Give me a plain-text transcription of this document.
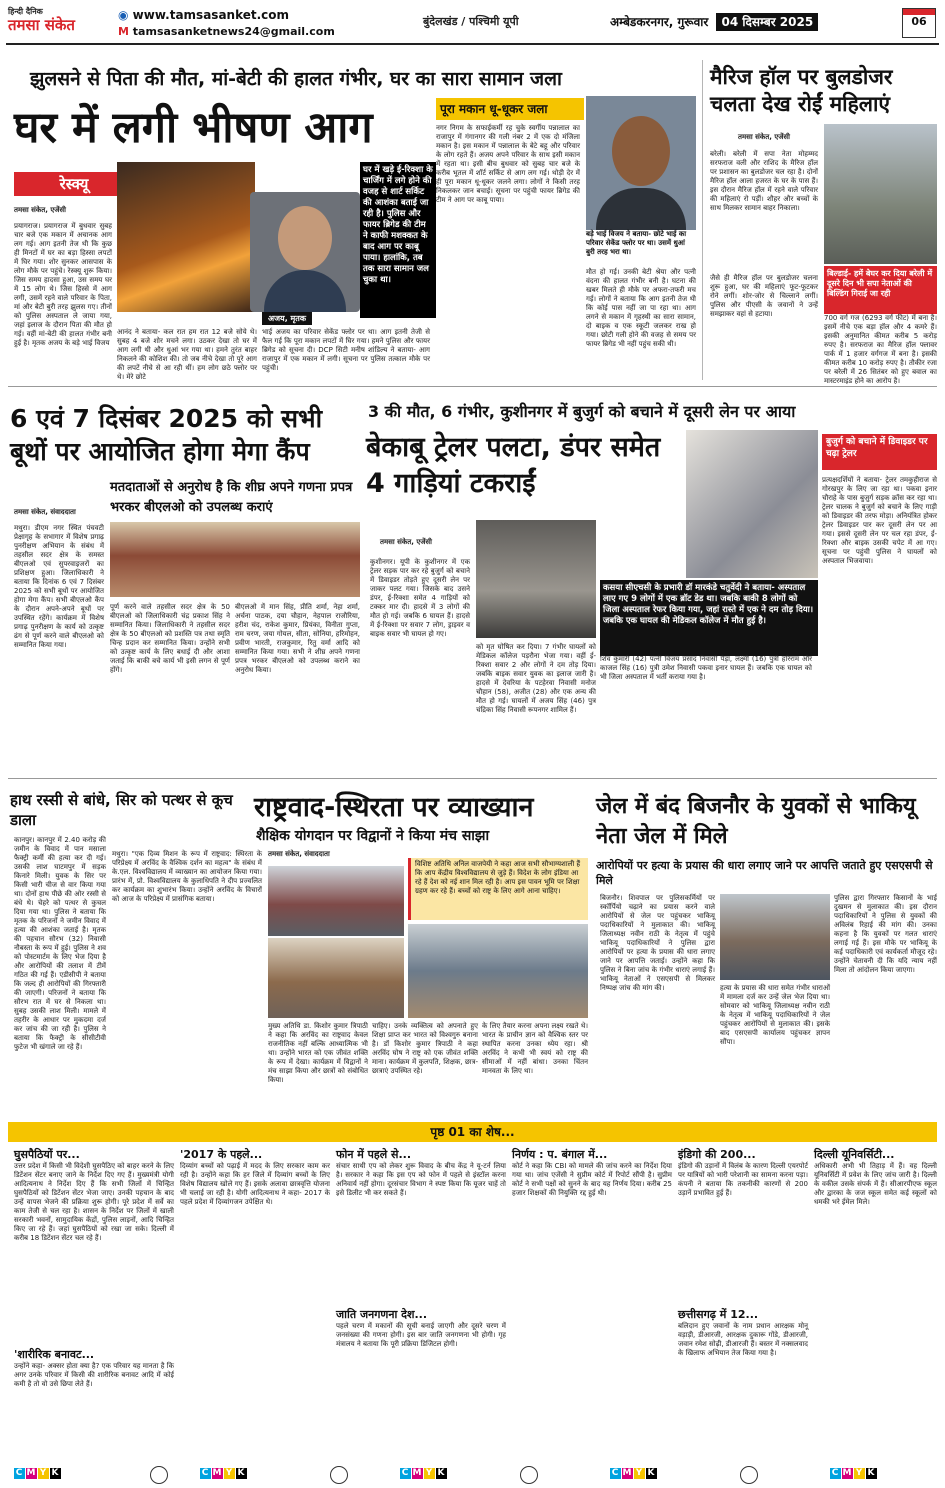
हिन्दी दैनिक
तमसा संकेत
◉ www.tamsasanket.com
M tamsasanketnews24@gmail.com
बुंदेलखंड / पश्चिमी यूपी	अम्बेडकरनगर, गुरूवार 04 दिसम्बर 2025	06
झुलसने से पिता की मौत, मां-बेटी की हालत गंभीर, घर का सारा सामान जला
घर में लगी भीषण आग
रेस्क्यू
तमसा संकेत, एजेंसी
प्रयागराज। प्रयागराज में बुधवार सुबह चार बजे एक मकान में अचानक आग लग गई। आग इतनी तेज थी कि कुछ ही मिनटों में घर का बड़ा हिस्सा लपटों में घिर गया। शोर सुनकर आसपास के लोग मौके पर पहुंचे। रेस्क्यू शुरू किया। जिस समय हादसा हुआ, उस समय घर में 15 लोग थे। जिस हिस्से में आग लगी, उसमें रहने वाले परिवार के पिता, मां और बेटी बुरी तरह झुलस गए। तीनों को पुलिस अस्पताल ले जाया गया, जहां इलाज के दौरान पिता की मौत हो गई। वहीं मां-बेटी की हालत गंभीर बनी हुई है। मृतक अजय के बड़े भाई विजय
घर में खड़े ई-रिक्शा के चार्जिंग में लगे होने की वजह से शार्ट सर्किट की आशंका बताई जा रही है। पुलिस और फायर ब्रिगेड की टीम ने काफी मशक्कत के बाद आग पर काबू पाया। हालांकि, तब तक सारा सामान जल चुका था।
अजय, मृतक
आनंद ने बताया- कल रात हम रात 12 बजे सोये थे। सुबह 4 बजे शोर मचने लगा। उठकर देखा तो घर में आग लगी थी और धुआं भर गया था। हमने तुरंत बाहर निकलने की कोशिश की। तो जब नीचे देखा तो पूरे आग की लपटें नीचे से आ रही थीं। हम लोग छठे फ्लोर पर थे। मेरे छोटे
भाई अजय का परिवार सेकेंड फ्लोर पर था। आग इतनी तेजी से फैल गई कि पूरा मकान लपटों में घिर गया। हमने पुलिस और फायर ब्रिगेड को सूचना दी। DCP सिटी मनीष शांडिल्य ने बताया- आग राजापुर में एक मकान में लगी। सूचना पर पुलिस तत्काल मौके पर पहुंची।
पूरा मकान धू-धूकर जला
नगर निगम के सफाईकर्मी रह चुके स्वर्गीय पन्नालाल का राजापुर में गंगानगर की गली नंबर 2 में एक दो मंजिला मकान है। इस मकान में पन्नालाल के बेटे बहू और परिवार के लोग रहते हैं। अजय अपने परिवार के साथ इसी मकान में रहता था। इसी बीच बुधवार को सुबह चार बजे के करीब भूतल में शॉर्ट सर्किट से आग लग गई। थोड़ी देर में ही पूरा मकान धू-धूकर जलने लगा। लोगों ने किसी तरह निकलकर जान बचाई। सूचना पर पहुंची फायर ब्रिगेड की टीम ने आग पर काबू पाया।
बड़े भाई विजय ने बताया- छोटे भाई का परिवार सेकेंड फ्लोर पर था। उसमें धुआं बुरी तरह भरा था।
मौत हो गई। उनकी बेटी श्रेया और पत्नी वंदना की हालत गंभीर बनी है। घटना की खबर मिलते ही मौके पर अफरा-तफरी मच गई। लोगों ने बताया कि आग इतनी तेज थी कि कोई पास नहीं जा पा रहा था। आग लगने से मकान में गृहस्थी का सारा सामान, दो बाइक व एक स्कूटी जलकर राख हो गया। छोटी गली होने की वजह से समय पर फायर ब्रिगेड भी नहीं पहुंच सकी थी।
मैरिज हॉल पर बुलडोजर चलता देख रोईं महिलाएं
तमसा संकेत, एजेंसी
बरेली। बरेली में सपा नेता मोहम्मद सरफराज वली और राशिद के मैरिज हॉल पर प्रशासन का बुलडोजर चल रहा है। दोनों मैरिज हॉल आला हजरत के घर के पास हैं। इस दौरान मैरिज हॉल में रहने वाले परिवार की महिलाएं रो पड़ीं। शौहर और बच्चों के साथ मिलकर सामान बाहर निकाला।
जैसे ही मैरिज हॉल पर बुलडोजर चलना शुरू हुआ, घर की महिलाएं फूट-फूटकर रोने लगीं। शोर-जोर से चिल्लाने लगीं। पुलिस और पीएसी के जवानों ने उन्हें समझाकर वहां से हटाया।
बिल्डाई- हमें बेघर कर दिया बरेली में दूसरे दिन भी सपा नेताओं की बिल्डिंग गिराई जा रही
700 वर्ग गज (6293 वर्ग फीट) में बना है। इसमें नीचे एक बड़ा हॉल और 4 कमरे हैं। इसकी अनुमानित कीमत करीब 5 करोड़ रुपए है। सरफराज का मैरिज हॉल फ्लावर पार्क में 1 हजार वर्गगज में बना है। इसकी कीमत करीब 10 करोड़ रुपए है। तौकीर रजा पर बरेली में 26 सितंबर को हुए बवाल का मास्टरमाइंड होने का आरोप है।
6 एवं 7 दिसंबर 2025 को सभी बूथों पर आयोजित होगा मेगा कैंप
मतदाताओं से अनुरोध है कि शीघ्र अपने गणना प्रपत्र भरकर बीएलओ को उपलब्ध कराएं
तमसा संकेत, संवाददाता
मथुरा। डीएम नगर स्थित पंचवटी प्रेक्षागृह के सभागार में विशेष प्रगाढ़ पुनरीक्षण अभियान के संबंध में तहसील सदर क्षेत्र के समस्त बीएलओ एवं सुपरवाइजरों का प्रशिक्षण हुआ। जिलाधिकारी ने बताया कि दिनांक 6 एवं 7 दिसंबर 2025 को सभी बूथों पर आयोजित होगा मेगा कैंप। सभी बीएलओ कैंप के दौरान अपने-अपने बूथों पर उपस्थित रहेंगे। कार्यक्रम में विशेष प्रगाढ़ पुनरीक्षण के कार्य को उत्कृष्ट ढंग से पूर्ण करने वाले बीएलओ को सम्मानित किया गया।
पूर्ण करने वाले तहसील सदर क्षेत्र के 50 बीएलओ को जिलाधिकारी चंद्र प्रकाश सिंह ने सम्मानित किया। जिलाधिकारी ने तहसील सदर क्षेत्र के 50 बीएलओ को प्रशस्ति पत्र तथा स्मृति चिन्ह प्रदान कर सम्मानित किया। उन्होंने सभी को उत्कृष्ट कार्य के लिए बधाई दी और आशा जताई कि बाकी बचे कार्य भी इसी लगन से पूर्ण होंगे।
बीएलओ में मान सिंह, प्रीति शर्मा, नेहा शर्मा, अर्चना पाठक, दया चौहान, नेहपाल राजौरिया, हरीश चंद, राकेश कुमार, प्रियंका, विनीता गुप्ता, राम चरण, जया गोयल, सीता, सोनिया, हरिमोहन, प्रवीण भारती, राजकुमार, रितु वर्मा आदि को सम्मानित किया गया। सभी ने शीघ्र अपने गणना प्रपत्र भरकर बीएलओ को उपलब्ध कराने का अनुरोध किया।
3 की मौत, 6 गंभीर, कुशीनगर में बुजुर्ग को बचाने में दूसरी लेन पर आया
बेकाबू ट्रेलर पलटा, डंपर समेत 4 गाड़ियां टकराईं
तमसा संकेत, एजेंसी
कसया सीएचसी के प्रभारी डॉ मारकंडे चतुर्वेदी ने बताया- अस्पताल लाए गए 9 लोगों में एक ब्रॉट डेड था। जबकि बाकी 8 लोगों को जिला अस्पताल रेफर किया गया, जहां रास्ते में एक ने दम तोड़ दिया। जबकि एक घायल की मेडिकल कॉलेज में मौत हुई है।
बुजुर्ग को बचाने में डिवाइडर पर चढ़ा ट्रेलर
कुशीनगर। यूपी के कुशीनगर में एक ट्रेलर सड़क पार कर रहे बुजुर्ग को बचाने में डिवाइडर तोड़ते हुए दूसरी लेन पर जाकर पलट गया। जिसके बाद उसने डंपर, ई-रिक्शा समेत 4 गाड़ियों को टक्कर मार दी। हादसे में 3 लोगों की मौत हो गई। जबकि 6 घायल हैं। हादसे में ई-रिक्शा पर सवार 7 लोग, ड्राइवर व बाइक सवार भी घायल हो गए।
को मृत घोषित कर दिया। 7 गंभीर घायलों को मेडिकल कॉलेज पड़रौना भेजा गया। वहीं ई-रिक्शा सवार 2 और लोगों ने दम तोड़ दिया। जबकि बाइक सवार युवक का इलाज जारी है। हादसे में देवरिया के पटहेरवा निवासी मनोज चौहान (58), अजीत (28) और एक अन्य की मौत हो गई। घायलों में अजय सिंह (46) पुत्र चंद्रिका सिंह निवासी रूपनगर शामिल हैं।
शिव कुमारी (42) पत्नी विजय प्रसाद निवासी पैड़ा, लक्ष्मी (16) पुत्री हरिराम और काजल सिंह (16) पुत्री उमेश निवासी पकवा इनार घायल हैं। जबकि एक घायल को भी जिला अस्पताल में भर्ती कराया गया है।
प्रत्यक्षदर्शियों ने बताया- ट्रेलर तमकुहीराज से गोरखपुर के लिए जा रहा था। पकवा इनार चौराहे के पास बुजुर्ग सड़क क्रॉस कर रहा था। ट्रेलर चालक ने बुजुर्ग को बचाने के लिए गाड़ी को डिवाइडर की तरफ मोड़ा। अनियंत्रित होकर ट्रेलर डिवाइडर पार कर दूसरी लेन पर आ गया। इससे दूसरी लेन पर चल रहा डंपर, ई-रिक्शा और बाइक उसकी चपेट में आ गए। सूचना पर पहुंची पुलिस ने घायलों को अस्पताल भिजवाया।
हाथ रस्सी से बांधे, सिर को पत्थर से कूच डाला
कानपुर। कानपुर में 2.40 करोड़ की जमीन के विवाद में पान मसाला फैक्ट्री कर्मी की हत्या कर दी गई। उसकी लाश घाटमपुर में सड़क किनारे मिली। युवक के सिर पर किसी भारी चीज से वार किया गया था। दोनों हाथ पीछे की ओर रस्सी से बंधे थे। चेहरे को पत्थर से कुचल दिया गया था। पुलिस ने बताया कि मृतक के परिजनों ने जमीन विवाद में हत्या की आशंका जताई है। मृतक की पहचान सौरभ (32) निवासी नौबस्ता के रूप में हुई। पुलिस ने शव को पोस्टमार्टम के लिए भेज दिया है और आरोपियों की तलाश में टीमें गठित की गई हैं। एडीसीपी ने बताया कि जल्द ही आरोपियों की गिरफ्तारी की जाएगी। परिजनों ने बताया कि सौरभ रात में घर से निकला था। सुबह उसकी लाश मिली। मामले में तहरीर के आधार पर मुकदमा दर्ज कर जांच की जा रही है। पुलिस ने बताया कि फैक्ट्री के सीसीटीवी फुटेज भी खंगाले जा रहे हैं।
राष्ट्रवाद-स्थिरता पर व्याख्यान
शैक्षिक योगदान पर विद्वानों ने किया मंच साझा
तमसा संकेत, संवाददाता
मथुरा। "एक दिव्य मिशन के रूप में राष्ट्रवाद: स्थिरता के परिप्रेक्ष्य में अरविंद के वैश्विक दर्शन का महत्व" के संबंध में के.एल. विश्वविद्यालय में व्याख्यान का आयोजन किया गया। प्रारंभ में, प्रो. विश्वविद्यालय के कुलाधिपति ने दीप प्रज्वलित कर कार्यक्रम का शुभारंभ किया। उन्होंने अरविंद के विचारों को आज के परिप्रेक्ष्य में प्रासंगिक बताया।
विशिष्ट अतिथि अनिल वाजपेयी ने कहा आज सभी सौभाग्यशाली हैं कि आप केंद्रीय विश्वविद्यालय से जुड़े हैं। विदेश के लोग इंडिया आ रहे हैं देश को नई शान मिल रही है। आप इस पावन भूमि पर शिक्षा ग्रहण कर रहे हैं। बच्चों को राष्ट्र के लिए आगे आना चाहिए।
मुख्य अतिथि डा. किशोर कुमार त्रिपाठी ने कहा कि अरविंद का राष्ट्रवाद केवल राजनीतिक नहीं बल्कि आध्यात्मिक भी था। उन्होंने भारत को एक जीवंत शक्ति के रूप में देखा। कार्यक्रम में विद्वानों ने मंच साझा किया और छात्रों को संबोधित किया।
चाहिए। उनके व्यक्तित्व को अपनाते हुए शिक्षा प्राप्त कर भारत को विश्वगुरु बनाना है। डॉ किशोर कुमार त्रिपाठी ने कहा अरविंद घोष ने राष्ट्र को एक जीवंत शक्ति माना। कार्यक्रम में कुलपति, शिक्षक, छात्र-छात्राएं उपस्थित रहे।
के लिए तैयार करना अपना लक्ष्य रखते थे। भारत के प्राचीन ज्ञान को वैश्विक स्तर पर स्थापित करना उनका ध्येय रहा। श्री अरविंद ने कभी भी स्वयं को राष्ट्र की सीमाओं में नहीं बांधा। उनका चिंतन मानवता के लिए था।
जेल में बंद बिजनौर के युवकों से भाकियू नेता जेल में मिले
आरोपियों पर हत्या के प्रयास की धारा लगाए जाने पर आपत्ति जताते हुए एसएसपी से मिले
बिजनौर। शिवपाल पर पुलिसकर्मियों पर स्कॉर्पियो चढ़ाने का प्रयास करने वाले आरोपियों से जेल पर पहुंचकर भाकियू पदाधिकारियों ने मुलाकात की। भाकियू जिलाध्यक्ष नवीन राठी के नेतृत्व में पहुंचे भाकियू पदाधिकारियों ने पुलिस द्वारा आरोपियों पर हत्या के प्रयास की धारा लगाए जाने पर आपत्ति जताई। उन्होंने कहा कि पुलिस ने बिना जांच के गंभीर धाराएं लगाई हैं। भाकियू नेताओं ने एसएसपी से मिलकर निष्पक्ष जांच की मांग की।	हत्या के प्रयास की धारा समेत गंभीर धाराओं में मामला दर्ज कर उन्हें जेल भेज दिया था। सोमवार को भाकियू जिलाध्यक्ष नवीन राठी के नेतृत्व में भाकियू पदाधिकारियों ने जेल पहुंचकर आरोपियों से मुलाकात की। इसके बाद एसएसपी कार्यालय पहुंचकर ज्ञापन सौंपा।
पुलिस द्वारा गिरफ्तार किसानों के भाई दुखमन से मुलाकात की। इस दौरान पदाधिकारियों ने पुलिस से युवकों की अविलंब रिहाई की मांग की। उनका कहना है कि युवकों पर गलत धाराएं लगाई गई हैं। इस मौके पर भाकियू के कई पदाधिकारी एवं कार्यकर्ता मौजूद रहे। उन्होंने चेतावनी दी कि यदि न्याय नहीं मिला तो आंदोलन किया जाएगा।
पृष्ठ 01 का शेष...
घुसपैठियों पर...
उत्तर प्रदेश में किसी भी विदेशी घुसपैठिए को बाहर करने के लिए डिटेंशन सेंटर बनाए जाने के निर्देश दिए गए हैं। मुख्यमंत्री योगी आदित्यनाथ ने निर्देश दिए हैं कि सभी जिलों में चिन्हित घुसपैठियों को डिटेंशन सेंटर भेजा जाए। उनकी पहचान के बाद उन्हें वापस भेजने की प्रक्रिया शुरू होगी। पूरे प्रदेश में सर्वे का काम तेजी से चल रहा है। शासन के निर्देश पर जिलों में खाली सरकारी भवनों, सामुदायिक केंद्रों, पुलिस लाइनों, आदि चिन्हित किए जा रहे हैं। जहां घुसपैठियों को रखा जा सके। दिल्ली में करीब 18 डिटेंशन सेंटर चल रहे हैं।
'शारीरिक बनावट...
उन्होंने कहा- अक्सर होता क्या है? एक परिवार यह मानता है कि अगर उनके परिवार में किसी की शारीरिक बनावट आदि में कोई कमी है तो वो उसे छिपा लेते हैं।
'2017 के पहले...
दिव्यांग बच्चों को पढ़ाई में मदद के लिए सरकार काम कर रही है। उन्होंने कहा कि हर जिले में दिव्यांग बच्चों के लिए विशेष विद्यालय खोले गए हैं। इसके अलावा छात्रवृत्ति योजना भी चलाई जा रही है। योगी आदित्यनाथ ने कहा- 2017 के पहले प्रदेश में दिव्यांगजन उपेक्षित थे।
फोन में पहले से...
संचार साथी एप को लेकर शुरू विवाद के बीच केंद्र ने यू-टर्न लिया है। सरकार ने कहा कि इस एप को फोन में पहले से इंस्टॉल करना अनिवार्य नहीं होगा। दूरसंचार विभाग ने स्पष्ट किया कि यूजर चाहें तो इसे डिलीट भी कर सकते हैं।
जाति जनगणना देश...
पहले चरण में मकानों की सूची बनाई जाएगी और दूसरे चरण में जनसंख्या की गणना होगी। इस बार जाति जनगणना भी होगी। गृह मंत्रालय ने बताया कि पूरी प्रक्रिया डिजिटल होगी।
निर्णय : प. बंगाल में...
कोर्ट ने कहा कि CBI को मामले की जांच करने का निर्देश दिया गया था। जांच एजेंसी ने सुप्रीम कोर्ट में रिपोर्ट सौंपी है। सुप्रीम कोर्ट ने सभी पक्षों को सुनने के बाद यह निर्णय दिया। करीब 25 हजार शिक्षकों की नियुक्ति रद्द हुई थी।
इंडिगो की 200...
इंडिगो की उड़ानों में विलंब के कारण दिल्ली एयरपोर्ट पर यात्रियों को भारी परेशानी का सामना करना पड़ा। कंपनी ने बताया कि तकनीकी कारणों से 200 उड़ानें प्रभावित हुई हैं।
छत्तीसगढ़ में 12...
बलिदान हुए जवानों के नाम प्रधान आरक्षक मोनू वड़ाड़ी, डीआरजी, आरक्षक दुकारू गोंडे, डीआरजी, जवान रमेश सोढ़ी, डीआरजी हैं। बस्तर में नक्सलवाद के खिलाफ अभियान तेज किया गया है।
दिल्ली यूनिवर्सिटी...
अधिकारी अभी भी तिहाड़ में हैं। वह दिल्ली यूनिवर्सिटी में प्रवेश के लिए जांच जारी है। दिल्ली के वकील उसके संपर्क में हैं। सीआरपीएफ स्कूल और द्वारका के जज स्कूल समेत कई स्कूलों को धमकी भरे ईमेल मिले।
C M Y K	C M Y K	C M Y K	C M Y K	C M Y K
